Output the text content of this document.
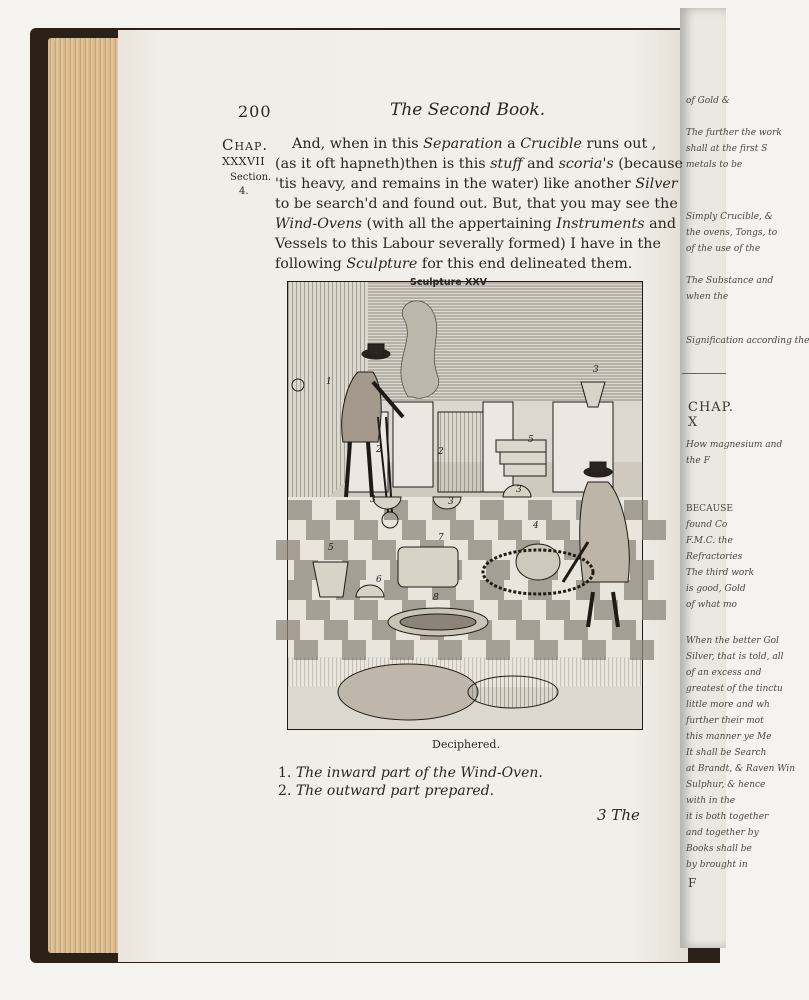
of Gold &
The further the work
shall at the first S
metals to be
Simply Crucible, &
the ovens, Tongs, to
of the use of the
The Substance and
when the
Signification according the
CHAP. X
How magnesium and
the F
BECAUSE
found Co
F.M.C. the
Refractories
The third work
is good, Gold
of what mo
When the better Gol
Silver, that is told, all
of an excess and
greatest of the tinctu
little more and wh
further their mot
this manner ye Me
It shall be Search
at Brandt, & Raven Win
Sulphur, & hence
with in the
it is both together
and together by
Books shall be
by brought in
F
200	The Second Book.
Chap.
XXXVII
Section.
4.
And, when in this Separation a Crucible runs out ,
(as it oft hapneth)then is this stuff and scoria's (because
'tis heavy, and remains in the water) like another Silver
to be search'd and found out. But, that you may see the
Wind-Ovens (with all the appertaining Instruments and
Vessels to this Labour severally formed) I have in the
following Sculpture for this end delineated them.
1
2	2
3	3
3
3
4
5
5
6
7
8
Sculpture XXV
Deciphered.
1. The inward part of the Wind-Oven.
2. The outward part prepared.
3 The
